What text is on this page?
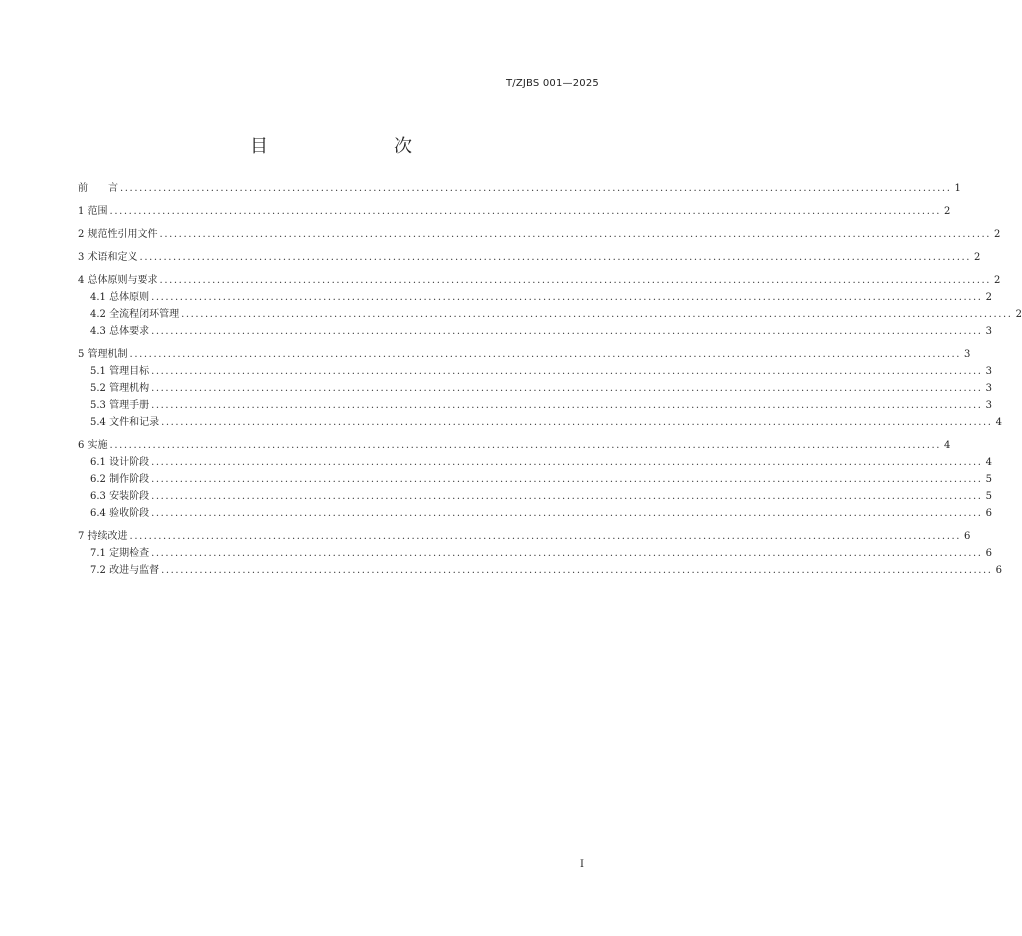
T/ZJBS 001—2025
目　　次
前　　言 .............................................................................................................................................................................. 1
1 范围 .............................................................................................................................................................................. 2
2 规范性引用文件 .............................................................................................................................................................................. 2
3 术语和定义 .............................................................................................................................................................................. 2
4 总体原则与要求 .............................................................................................................................................................................. 2
4.1 总体原则 .............................................................................................................................................................................. 2
4.2 全流程闭环管理 .............................................................................................................................................................................. 2
4.3 总体要求 .............................................................................................................................................................................. 3
5 管理机制 .............................................................................................................................................................................. 3
5.1 管理目标 .............................................................................................................................................................................. 3
5.2 管理机构 .............................................................................................................................................................................. 3
5.3 管理手册 .............................................................................................................................................................................. 3
5.4 文件和记录 .............................................................................................................................................................................. 4
6 实施 .............................................................................................................................................................................. 4
6.1 设计阶段 .............................................................................................................................................................................. 4
6.2 制作阶段 .............................................................................................................................................................................. 5
6.3 安装阶段 .............................................................................................................................................................................. 5
6.4 验收阶段 .............................................................................................................................................................................. 6
7 持续改进 .............................................................................................................................................................................. 6
7.1 定期检查 .............................................................................................................................................................................. 6
7.2 改进与监督 .............................................................................................................................................................................. 6
I
